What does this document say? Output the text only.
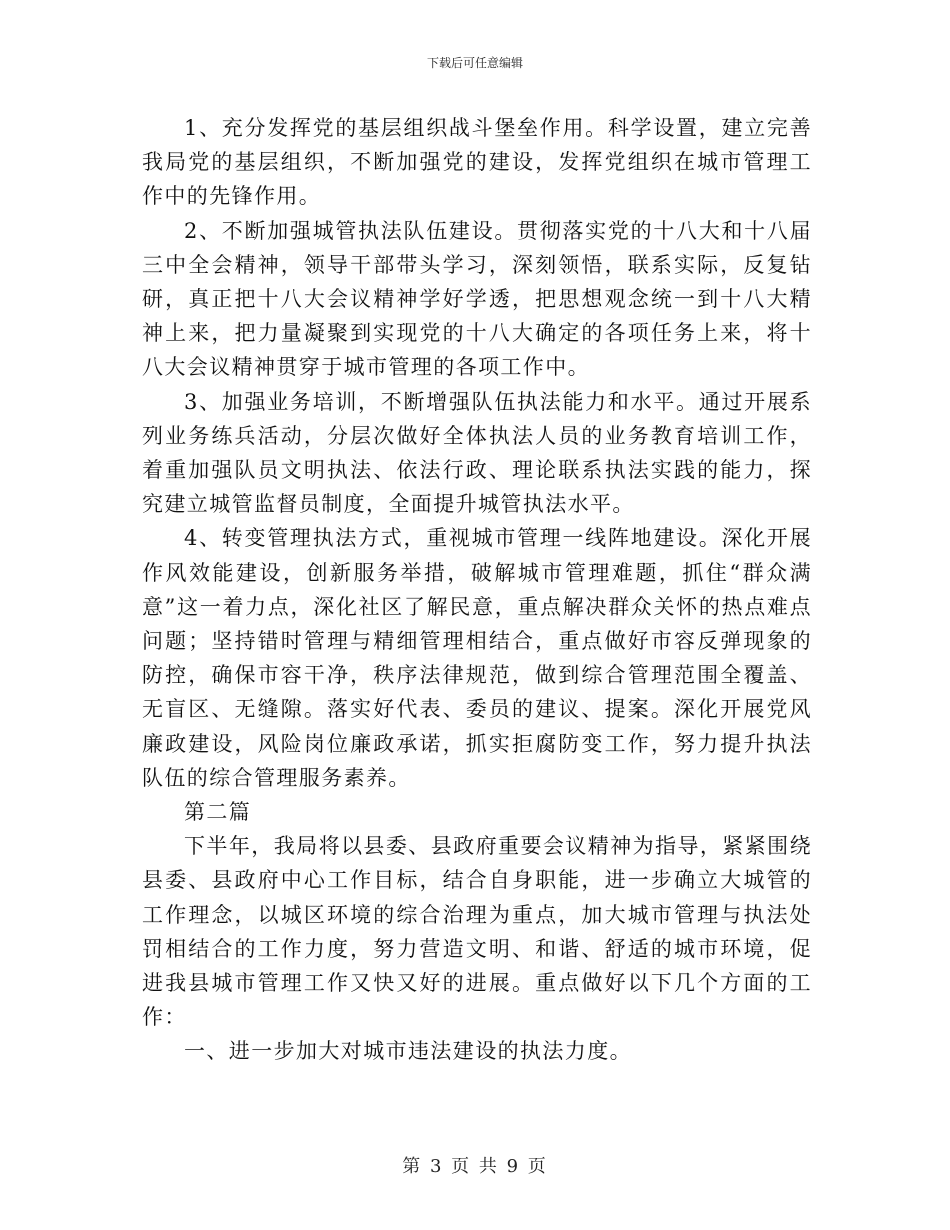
下载后可任意编辑

1、充分发挥党的基层组织战斗堡垒作用。科学设置，建立完善我局党的基层组织，不断加强党的建设，发挥党组织在城市管理工作中的先锋作用。

2、不断加强城管执法队伍建设。贯彻落实党的十八大和十八届三中全会精神，领导干部带头学习，深刻领悟，联系实际，反复钻研，真正把十八大会议精神学好学透，把思想观念统一到十八大精神上来，把力量凝聚到实现党的十八大确定的各项任务上来，将十八大会议精神贯穿于城市管理的各项工作中。

3、加强业务培训，不断增强队伍执法能力和水平。通过开展系列业务练兵活动，分层次做好全体执法人员的业务教育培训工作，着重加强队员文明执法、依法行政、理论联系执法实践的能力，探究建立城管监督员制度，全面提升城管执法水平。

4、转变管理执法方式，重视城市管理一线阵地建设。深化开展作风效能建设，创新服务举措，破解城市管理难题，抓住“群众满意”这一着力点，深化社区了解民意，重点解决群众关怀的热点难点问题；坚持错时管理与精细管理相结合，重点做好市容反弹现象的防控，确保市容干净，秩序法律规范，做到综合管理范围全覆盖、无盲区、无缝隙。落实好代表、委员的建议、提案。深化开展党风廉政建设，风险岗位廉政承诺，抓实拒腐防变工作，努力提升执法队伍的综合管理服务素养。

第二篇

下半年，我局将以县委、县政府重要会议精神为指导，紧紧围绕县委、县政府中心工作目标，结合自身职能，进一步确立大城管的工作理念，以城区环境的综合治理为重点，加大城市管理与执法处罚相结合的工作力度，努力营造文明、和谐、舒适的城市环境，促进我县城市管理工作又快又好的进展。重点做好以下几个方面的工作：

一、进一步加大对城市违法建设的执法力度。

第 3 页 共 9 页
